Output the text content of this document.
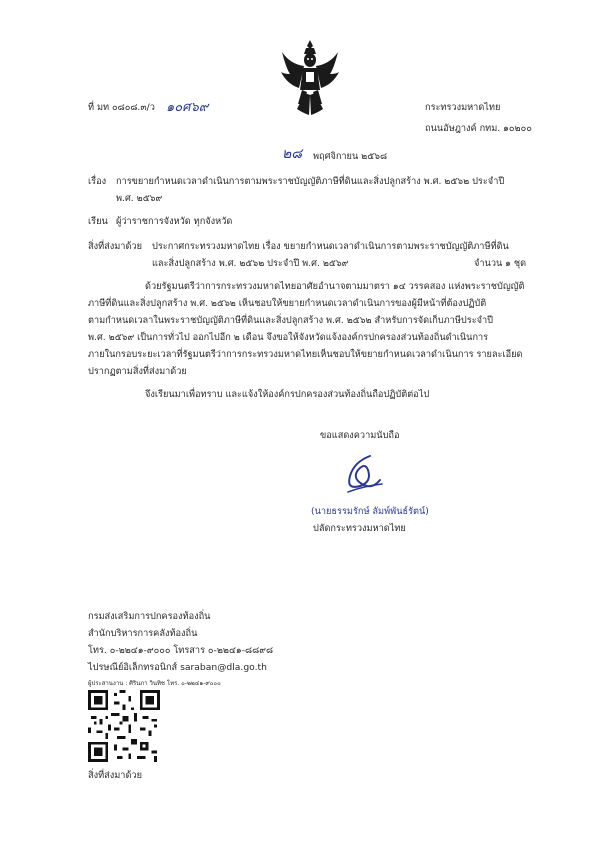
ที่ มท ๐๘๐๘.๓/ว ๑๐ศ๖๙	กระทรวงมหาดไทย
ถนนอัษฎางค์ กทม. ๑๐๒๐๐
๒๘ พฤศจิกายน ๒๕๖๘
เรื่อง การขยายกำหนดเวลาดำเนินการตามพระราชบัญญัติภาษีที่ดินและสิ่งปลูกสร้าง พ.ศ. ๒๕๖๒ ประจำปี
พ.ศ. ๒๕๖๙
เรียน ผู้ว่าราชการจังหวัด ทุกจังหวัด
สิ่งที่ส่งมาด้วย ประกาศกระทรวงมหาดไทย เรื่อง ขยายกำหนดเวลาดำเนินการตามพระราชบัญญัติภาษีที่ดิน
และสิ่งปลูกสร้าง พ.ศ. ๒๕๖๒ ประจำปี พ.ศ. ๒๕๖๙	จำนวน ๑ ชุด
ด้วยรัฐมนตรีว่าการกระทรวงมหาดไทยอาศัยอำนาจตามมาตรา ๑๔ วรรคสอง แห่งพระราชบัญญัติ
ภาษีที่ดินและสิ่งปลูกสร้าง พ.ศ. ๒๕๖๒ เห็นชอบให้ขยายกำหนดเวลาดำเนินการของผู้มีหน้าที่ต้องปฏิบัติ
ตามกำหนดเวลาในพระราชบัญญัติภาษีที่ดินและสิ่งปลูกสร้าง พ.ศ. ๒๕๖๒ สำหรับการจัดเก็บภาษีประจำปี
พ.ศ. ๒๕๖๙ เป็นการทั่วไป ออกไปอีก ๒ เดือน จึงขอให้จังหวัดแจ้งองค์กรปกครองส่วนท้องถิ่นดำเนินการ
ภายในกรอบระยะเวลาที่รัฐมนตรีว่าการกระทรวงมหาดไทยเห็นชอบให้ขยายกำหนดเวลาดำเนินการ รายละเอียด
ปรากฏตามสิ่งที่ส่งมาด้วย
จึงเรียนมาเพื่อทราบ และแจ้งให้องค์กรปกครองส่วนท้องถิ่นถือปฏิบัติต่อไป
ขอแสดงความนับถือ
(นายธรรมรักษ์ ลัมพ์พันธ์รัตน์)
ปลัดกระทรวงมหาดไทย
กรมส่งเสริมการปกครองท้องถิ่น
สำนักบริหารการคลังท้องถิ่น
โทร. ๐-๒๒๔๑-๙๐๐๐ โทรสาร ๐-๒๒๔๑-๘๘๙๘
ไปรษณีย์อิเล็กทรอนิกส์ saraban@dla.go.th
ผู้ประสานงาน : ศิรินภา วินทิช โทร. ๐-๒๒๔๑-๙๐๐๐
สิ่งที่ส่งมาด้วย
